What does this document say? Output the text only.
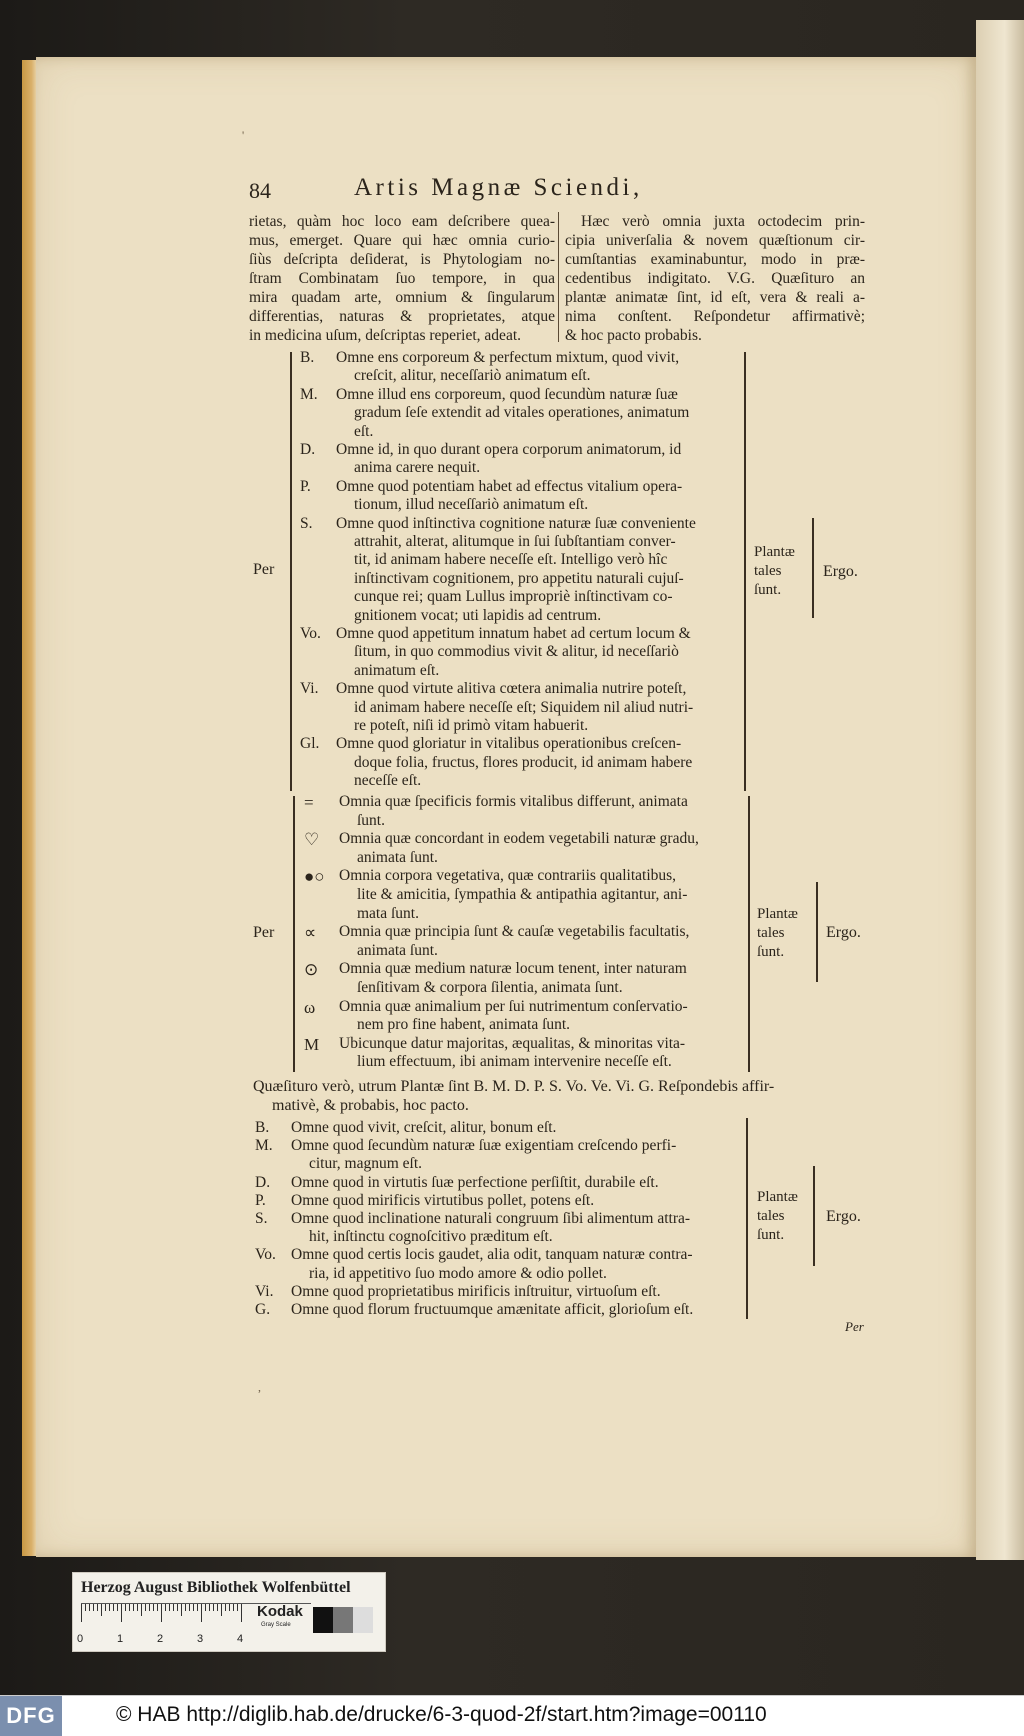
'
84	Artis Magnæ Sciendi,
rietas, quàm hoc loco eam deſcribere quea-
mus, emerget. Quare qui hæc omnia curio-
ſiùs deſcripta deſiderat, is Phytologiam no-
ſtram Combinatam ſuo tempore, in qua
mira quadam arte, omnium & ſingularum
differentias, naturas & proprietates, atque
in medicina uſum, deſcriptas reperiet, adeat.
Hæc verò omnia juxta octodecim prin-
cipia univerſalia & novem quæſtionum cir-
cumſtantias examinabuntur, modo in præ-
cedentibus indigitato. V.G. Quæſituro an
plantæ animatæ ſint, id eſt, vera & reali a-
nima conſtent. Reſpondetur affirmativè;
& hoc pacto probabis.
B. Omne ens corporeum & perfectum mixtum, quod vivit,
creſcit, alitur, neceſſariò animatum eſt.
M. Omne illud ens corporeum, quod ſecundùm naturæ ſuæ
gradum ſeſe extendit ad vitales operationes, animatum
eſt.
D. Omne id, in quo durant opera corporum animatorum, id
anima carere nequit.
P. Omne quod potentiam habet ad effectus vitalium opera-
tionum, illud neceſſariò animatum eſt.
S. Omne quod inſtinctiva cognitione naturæ ſuæ conveniente
attrahit, alterat, alitumque in ſui ſubſtantiam conver-
tit, id animam habere neceſſe eſt. Intelligo verò hîc
inſtinctivam cognitionem, pro appetitu naturali cujuſ-
cunque rei; quam Lullus impropriè inſtinctivam co-
gnitionem vocat; uti lapidis ad centrum.
Vo. Omne quod appetitum innatum habet ad certum locum &
ſitum, in quo commodius vivit & alitur, id neceſſariò
animatum eſt.
Vi. Omne quod virtute alitiva cœtera animalia nutrire poteſt,
id animam habere neceſſe eſt; Siquidem nil aliud nutri-
re poteſt, niſi id primò vitam habuerit.
Gl. Omne quod gloriatur in vitalibus operationibus creſcen-
doque folia, fructus, flores producit, id animam habere
neceſſe eſt.
Per
Plantæ
tales
ſunt.
Ergo.
= Omnia quæ ſpecificis formis vitalibus differunt, animata
ſunt.
♡ Omnia quæ concordant in eodem vegetabili naturæ gradu,
animata ſunt.
●○ Omnia corpora vegetativa, quæ contrariis qualitatibus,
lite & amicitia, ſympathia & antipathia agitantur, ani-
mata ſunt.
∝ Omnia quæ principia ſunt & cauſæ vegetabilis facultatis,
animata ſunt.
⊙ Omnia quæ medium naturæ locum tenent, inter naturam
ſenſitivam & corpora ſilentia, animata ſunt.
ω Omnia quæ animalium per ſui nutrimentum conſervatio-
nem pro fine habent, animata ſunt.
M Ubicunque datur majoritas, æqualitas, & minoritas vita-
lium effectuum, ibi animam intervenire neceſſe eſt.
Per
Plantæ
tales
ſunt.
Ergo.
Quæſituro verò, utrum Plantæ ſint B. M. D. P. S. Vo. Ve. Vi. G. Reſpondebis affir-
mativè, & probabis, hoc pacto.
B. Omne quod vivit, creſcit, alitur, bonum eſt.
M. Omne quod ſecundùm naturæ ſuæ exigentiam creſcendo perfi-
citur, magnum eſt.
D. Omne quod in virtutis ſuæ perfectione perſiſtit, durabile eſt.
P. Omne quod mirificis virtutibus pollet, potens eſt.
S. Omne quod inclinatione naturali congruum ſibi alimentum attra-
hit, inſtinctu cognoſcitivo præditum eſt.
Vo. Omne quod certis locis gaudet, alia odit, tanquam naturæ contra-
ria, id appetitivo ſuo modo amore & odio pollet.
Vi. Omne quod proprietatibus mirificis inſtruitur, virtuoſum eſt.
G. Omne quod florum fructuumque amænitate afficit, glorioſum eſt.
Plantæ
tales
ſunt.
Ergo.
Per
,
Herzog August Bibliothek Wolfenbüttel
Kodak
Gray Scale
0	1	2	3	4
DFG	© HAB http://diglib.hab.de/drucke/6-3-quod-2f/start.htm?image=00110
